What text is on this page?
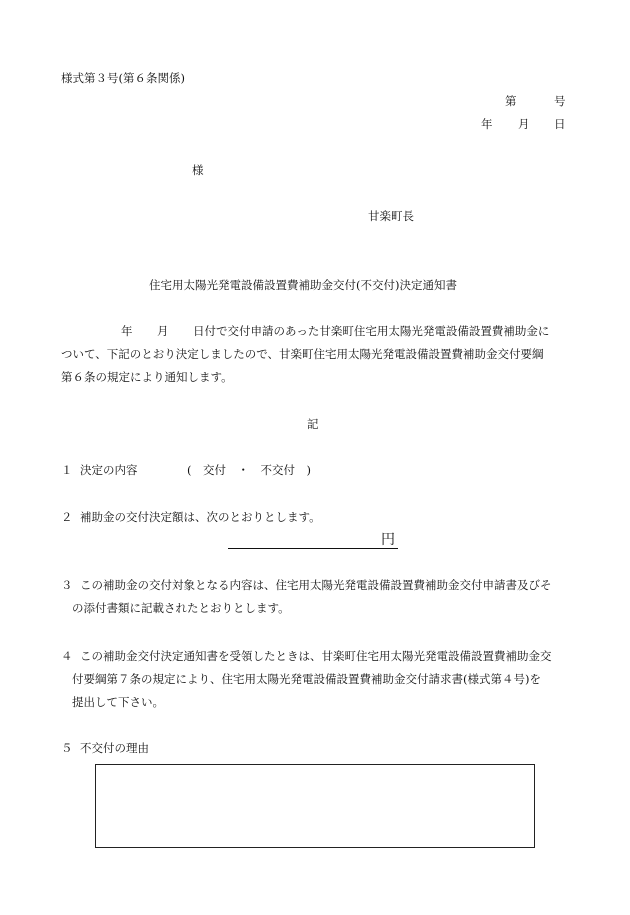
様式第３号(第６条関係)
第	号
年 月 日
様
甘楽町長
住宅用太陽光発電設備設置費補助金交付(不交付)決定通知書
年 月 日付で交付申請のあった甘楽町住宅用太陽光発電設備設置費補助金に
ついて、下記のとおり決定しましたので、甘楽町住宅用太陽光発電設備設置費補助金交付要綱
第６条の規定により通知します。
記
１ 決定の内容	(　交付　・　不交付　)
２ 補助金の交付決定額は、次のとおりとします。
円
３ この補助金の交付対象となる内容は、住宅用太陽光発電設備設置費補助金交付申請書及びそ
の添付書類に記載されたとおりとします。
４ この補助金交付決定通知書を受領したときは、甘楽町住宅用太陽光発電設備設置費補助金交
付要綱第７条の規定により、住宅用太陽光発電設備設置費補助金交付請求書(様式第４号)を
提出して下さい。
５ 不交付の理由
